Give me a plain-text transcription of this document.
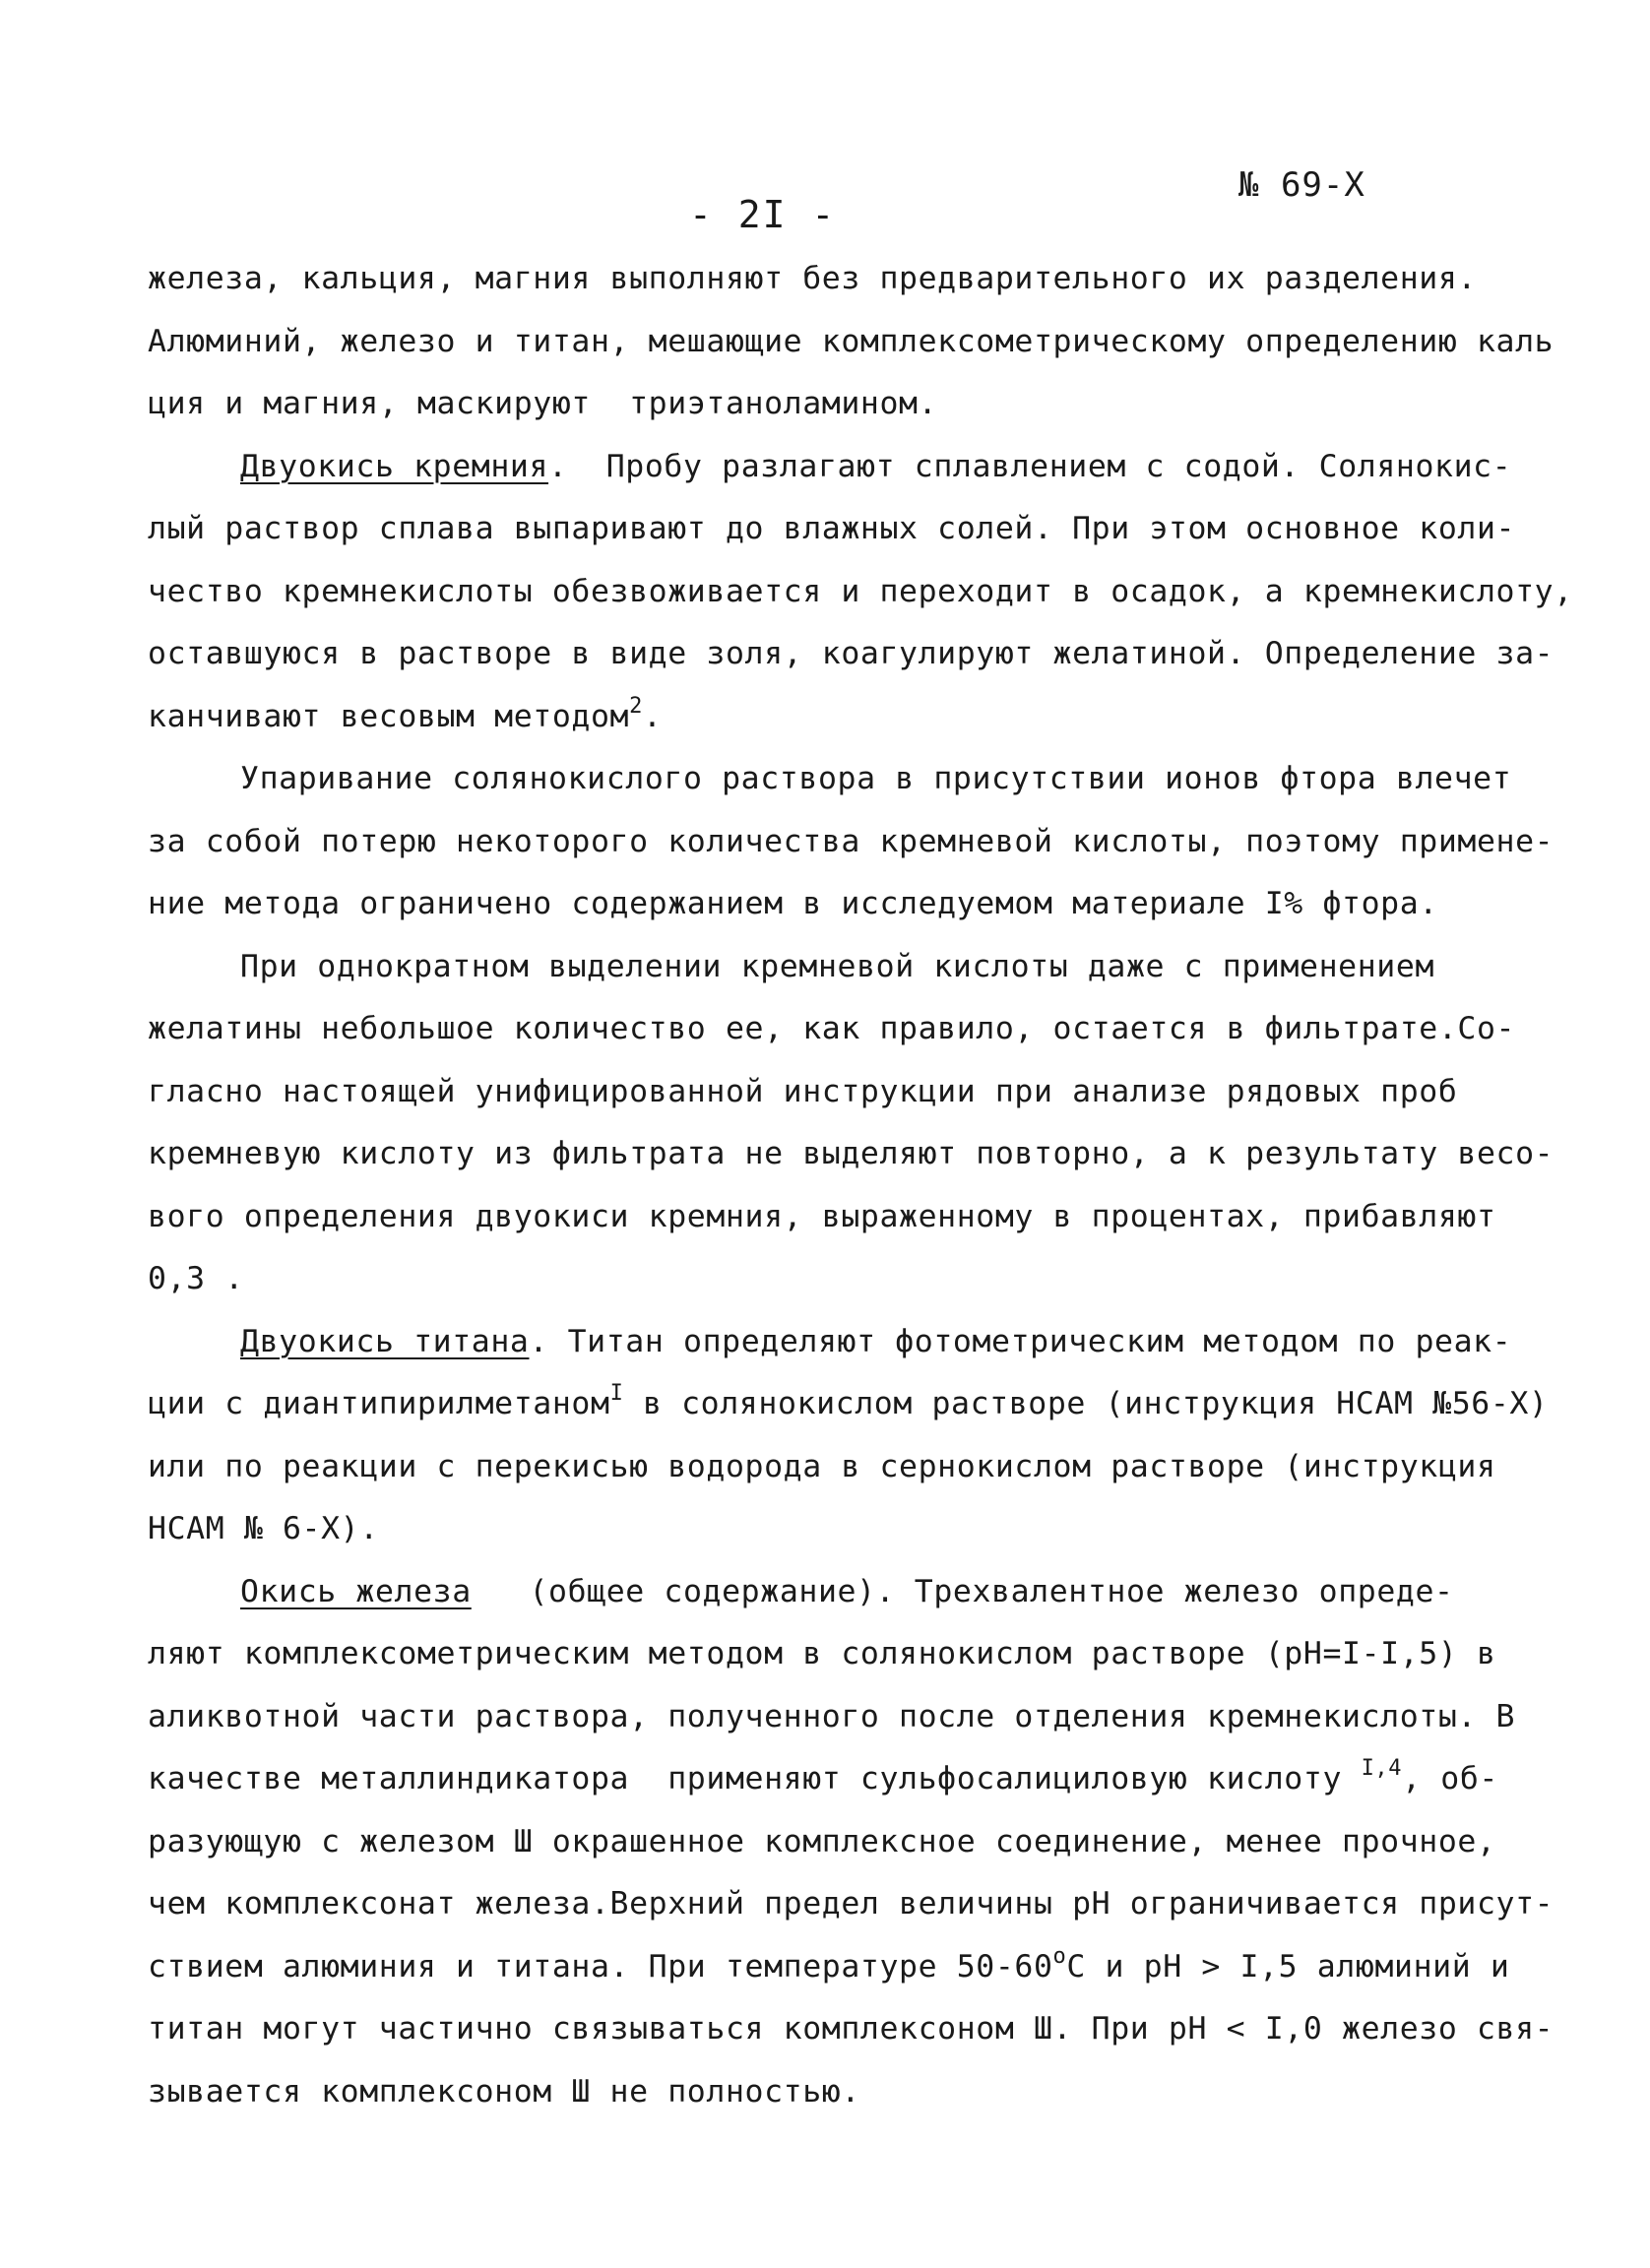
№ 69-Х
- 2I -
железа, кальция, магния выполняют без предварительного их разделения.
Алюминий, железо и титан, мешающие комплексометрическому определению каль
ция и магния, маскируют  триэтаноламином.
Двуокись кремния.  Пробу разлагают сплавлением с содой. Солянокис-
лый раствор сплава выпаривают до влажных солей. При этом основное коли-
чество кремнекислоты обезвоживается и переходит в осадок, а кремнекислоту,
оставшуюся в растворе в виде золя, коагулируют желатиной. Определение за-
канчивают весовым методом$^2$.
Упаривание солянокислого раствора в присутствии ионов фтора влечет
за собой потерю некоторого количества кремневой кислоты, поэтому примене-
ние метода ограничено содержанием в исследуемом материале I% фтора.
При однократном выделении кремневой кислоты даже с применением
желатины небольшое количество ее, как правило, остается в фильтрате.Со-
гласно настоящей унифицированной инструкции при анализе рядовых проб
кремневую кислоту из фильтрата не выделяют повторно, а к результату весо-
вого определения двуокиси кремния, выраженному в процентах, прибавляют
0,3 .
Двуокись титана. Титан определяют фотометрическим методом по реак-
ции с диантипирилметаном$^I$ в солянокислом растворе (инструкция НСАМ №56-Х)
или по реакции с перекисью водорода в сернокислом растворе (инструкция
НСАМ № 6-Х).
Окись железа   (общее содержание). Трехвалентное железо опреде-
ляют комплексометрическим методом в солянокислом растворе (рН=I-I,5) в
аликвотной части раствора, полученного после отделения кремнекислоты. В
качестве металлиндикатора  применяют сульфосалициловую кислоту $^{I,4}$, об-
разующую с железом Ш окрашенное комплексное соединение, менее прочное,
чем комплексонат железа.Верхний предел величины рН ограничивается присут-
ствием алюминия и титана. При температуре $50-60^оС$ и рН > I,5 алюминий и
титан могут частично связываться комплексоном Ш. При рН < I,0 железо свя-
зывается комплексоном Ш не полностью.
